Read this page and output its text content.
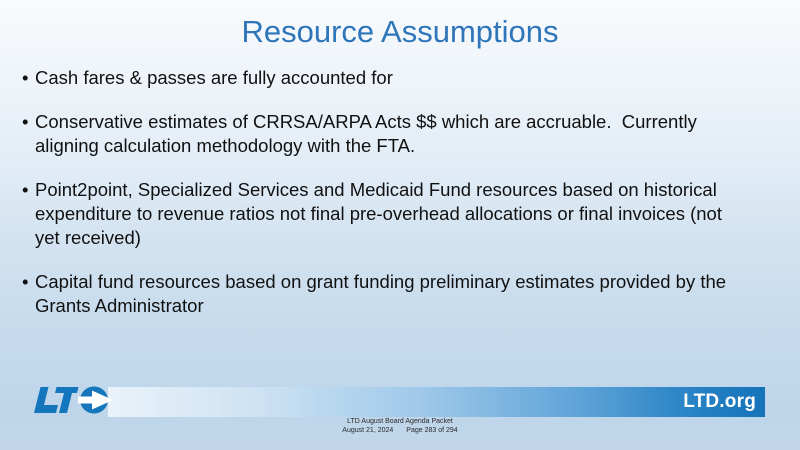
Resource Assumptions
• Cash fares & passes are fully accounted for
• Conservative estimates of CRRSA/ARPA Acts $$ which are accruable.  Currently
aligning calculation methodology with the FTA.
• Point2point, Specialized Services and Medicaid Fund resources based on historical
expenditure to revenue ratios not final pre-overhead allocations or final invoices (not
yet received)
• Capital fund resources based on grant funding preliminary estimates provided by the
Grants Administrator
LTD.org
LTD August Board Agenda Packet
August 21, 2024 Page 283 of 294
